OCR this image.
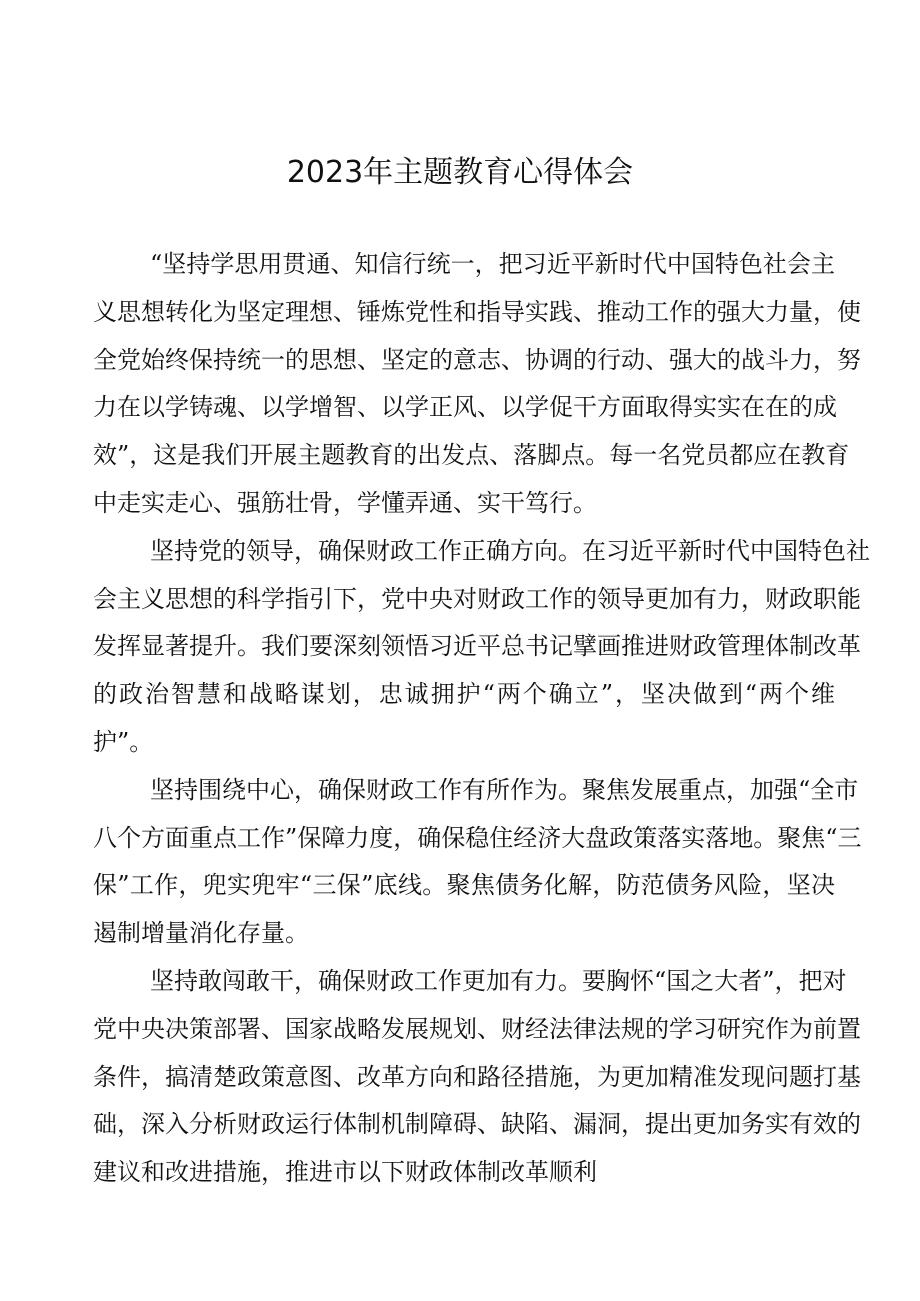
2023年主题教育心得体会
“坚持学思用贯通、知信行统一，把习近平新时代中国特色社会主
义思想转化为坚定理想、锤炼党性和指导实践、推动工作的强大力量，使
全党始终保持统一的思想、坚定的意志、协调的行动、强大的战斗力，努
力在以学铸魂、以学增智、以学正风、以学促干方面取得实实在在的成
效”，这是我们开展主题教育的出发点、落脚点。每一名党员都应在教育
中走实走心、强筋壮骨，学懂弄通、实干笃行。
坚持党的领导，确保财政工作正确方向。在习近平新时代中国特色社
会主义思想的科学指引下，党中央对财政工作的领导更加有力，财政职能
发挥显著提升。我们要深刻领悟习近平总书记擘画推进财政管理体制改革
的政治智慧和战略谋划，忠诚拥护“两个确立”，坚决做到“两个维
护”。
坚持围绕中心，确保财政工作有所作为。聚焦发展重点，加强“全市
八个方面重点工作”保障力度，确保稳住经济大盘政策落实落地。聚焦“三
保”工作，兜实兜牢“三保”底线。聚焦债务化解，防范债务风险，坚决
遏制增量消化存量。
坚持敢闯敢干，确保财政工作更加有力。要胸怀“国之大者”，把对
党中央决策部署、国家战略发展规划、财经法律法规的学习研究作为前置
条件，搞清楚政策意图、改革方向和路径措施，为更加精准发现问题打基
础，深入分析财政运行体制机制障碍、缺陷、漏洞，提出更加务实有效的
建议和改进措施，推进市以下财政体制改革顺利
